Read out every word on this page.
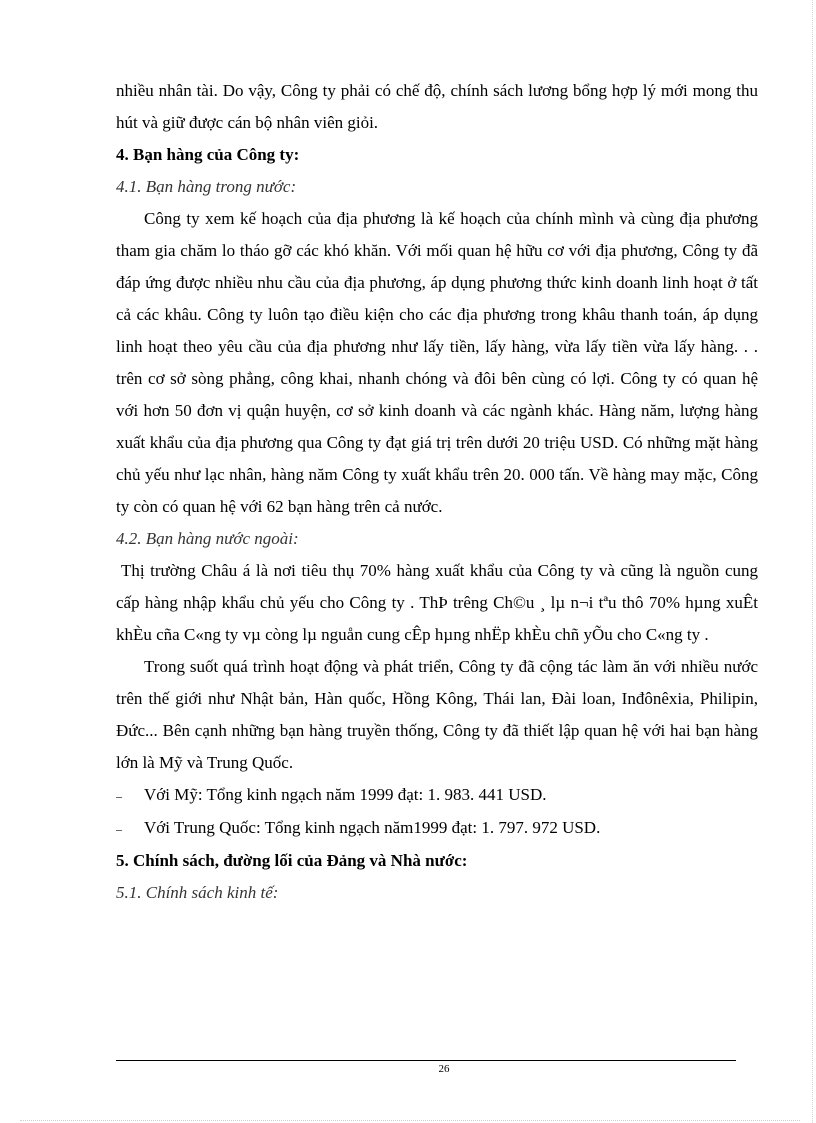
nhiều nhân tài. Do vậy, Công ty phải có chế độ, chính sách lương bổng hợp lý mới mong thu hút và giữ được cán bộ nhân viên giỏi.

4. Bạn hàng của Công ty:

4.1. Bạn hàng trong nước:

Công ty xem kế hoạch của địa phương là kế hoạch của chính mình và cùng địa phương tham gia chăm lo tháo gỡ các khó khăn. Với mối quan hệ hữu cơ với địa phương, Công ty đã đáp ứng được nhiều nhu cầu của địa phương, áp dụng phương thức kinh doanh linh hoạt ở tất cả các khâu. Công ty luôn tạo điều kiện cho các địa phương trong khâu thanh toán, áp dụng linh hoạt theo yêu cầu của địa phương như lấy tiền, lấy hàng, vừa lấy tiền vừa lấy hàng. . . trên cơ sở sòng phẳng, công khai, nhanh chóng và đôi bên cùng có lợi. Công ty có quan hệ với hơn 50 đơn vị quận huyện, cơ sở kinh doanh và các ngành khác. Hàng năm, lượng hàng xuất khẩu của địa phương qua Công ty đạt giá trị trên dưới 20 triệu USD. Có những mặt hàng chủ yếu như lạc nhân, hàng năm Công ty xuất khẩu trên 20. 000 tấn. Về hàng may mặc, Công ty còn có quan hệ với 62 bạn hàng trên cả nước.

4.2. Bạn hàng nước ngoài:

Thị trường Châu á là nơi tiêu thụ 70% hàng xuất khẩu của Công ty và cũng là nguồn cung cấp hàng nhập khẩu chủ yếu cho Công ty . ThÞ trêng Ch©u ¸ lµ n¬i tªu thô 70% hµng xuÊt khÈu cña C«ng ty vµ còng lµ nguån cung cÊp hµng nhËp khÈu chñ yÕu cho C«ng ty .

Trong suốt quá trình hoạt động và phát triển, Công ty đã cộng tác làm ăn với nhiều nước trên thế giới như Nhật bản, Hàn quốc, Hồng Kông, Thái lan, Đài loan, Inđônêxia, Philipin, Đức... Bên cạnh những bạn hàng truyền thống, Công ty đã thiết lập quan hệ với hai bạn hàng lớn là Mỹ và Trung Quốc.

–	Với Mỹ: Tổng kinh ngạch năm 1999 đạt: 1. 983. 441 USD.
–	Với Trung Quốc: Tổng kinh ngạch năm1999 đạt: 1. 797. 972 USD.

5. Chính sách, đường lối của Đảng và Nhà nước:

5.1. Chính sách kinh tế:

26
